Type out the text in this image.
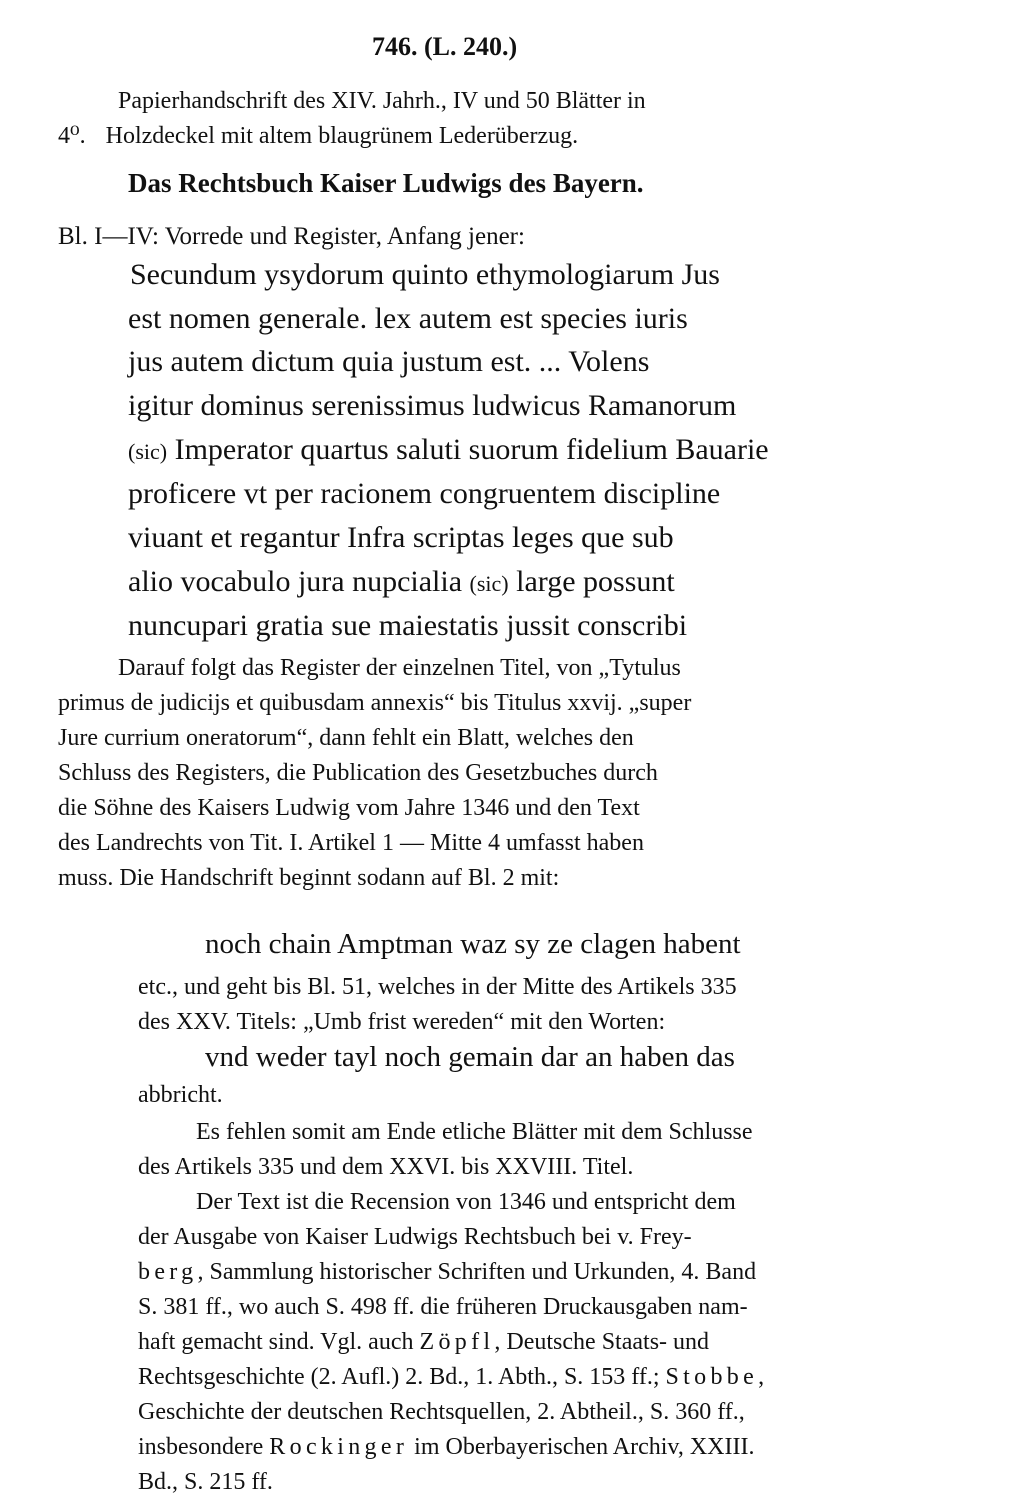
746. (L. 240.)
Papierhandschrift des XIV. Jahrh., IV und 50 Blätter in
4⁰. Holzdeckel mit altem blaugrünem Lederüberzug.
Das Rechtsbuch Kaiser Ludwigs des Bayern.
Bl. I—IV: Vorrede und Register, Anfang jener:
Secundum ysydorum quinto ethymologiarum Jus
est nomen generale. lex autem est species iuris
jus autem dictum quia justum est. ... Volens
igitur dominus serenissimus ludwicus Ramanorum
(sic) Imperator quartus saluti suorum fidelium Bauarie
proficere vt per racionem congruentem discipline
viuant et regantur Infra scriptas leges que sub
alio vocabulo jura nupcialia (sic) large possunt
nuncupari gratia sue maiestatis jussit conscribi
Darauf folgt das Register der einzelnen Titel, von „Tytulus
primus de judicijs et quibusdam annexis“ bis Titulus xxvij. „super
Jure currium oneratorum“, dann fehlt ein Blatt, welches den
Schluss des Registers, die Publication des Gesetzbuches durch
die Söhne des Kaisers Ludwig vom Jahre 1346 und den Text
des Landrechts von Tit. I. Artikel 1 — Mitte 4 umfasst haben
muss. Die Handschrift beginnt sodann auf Bl. 2 mit:
noch chain Amptman waz sy ze clagen habent
etc., und geht bis Bl. 51, welches in der Mitte des Artikels 335
des XXV. Titels: „Umb frist wereden“ mit den Worten:
vnd weder tayl noch gemain dar an haben das
abbricht.
Es fehlen somit am Ende etliche Blätter mit dem Schlusse
des Artikels 335 und dem XXVI. bis XXVIII. Titel.
Der Text ist die Recension von 1346 und entspricht dem
der Ausgabe von Kaiser Ludwigs Rechtsbuch bei v. Frey-
berg, Sammlung historischer Schriften und Urkunden, 4. Band
S. 381 ff., wo auch S. 498 ff. die früheren Druckausgaben nam-
haft gemacht sind. Vgl. auch Zöpfl, Deutsche Staats- und
Rechtsgeschichte (2. Aufl.) 2. Bd., 1. Abth., S. 153 ff.; Stobbe,
Geschichte der deutschen Rechtsquellen, 2. Abtheil., S. 360 ff.,
insbesondere Rockinger im Oberbayerischen Archiv, XXIII.
Bd., S. 215 ff.
